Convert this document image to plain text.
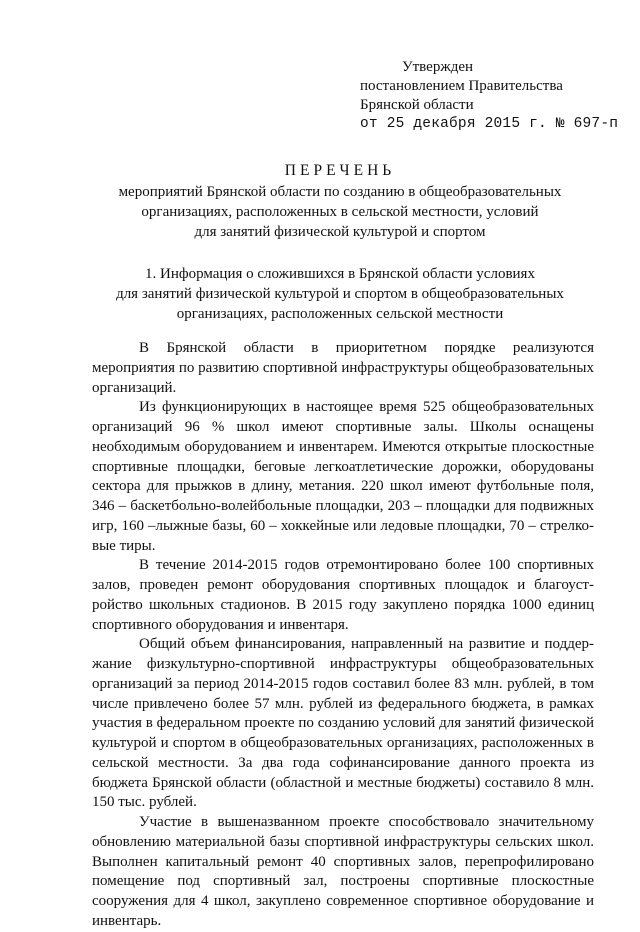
Утвержден
постановлением Правительства
Брянской области
от 25 декабря 2015 г. № 697-п
ПЕРЕЧЕНЬ
мероприятий Брянской области по созданию в общеобразовательных
организациях, расположенных в сельской местности, условий
для занятий физической культурой и спортом
1. Информация о сложившихся в Брянской области условиях
для занятий физической культурой и спортом в общеобразовательных
организациях, расположенных сельской местности

В Брянской области в приоритетном порядке реализуются мероприятия по развитию спортивной инфраструктуры общеобразовательных организаций.

Из функционирующих в настоящее время 525 общеобразовательных организаций 96 % школ имеют спортивные залы. Школы оснащены необходимым оборудованием и инвентарем. Имеются открытые плоскостные спортивные площадки, беговые легкоатлетические дорожки, оборудованы сектора для прыжков в длину, метания. 220 школ имеют футбольные поля, 346 – баскетбольно-волейбольные площадки, 203 – площадки для подвижных игр, 160 –лыжные базы, 60 – хоккейные или ледовые площадки, 70 – стрелковые тиры.

В течение 2014-2015 годов отремонтировано более 100 спортивных залов, проведен ремонт оборудования спортивных площадок и благоустройство школьных стадионов. В 2015 году закуплено порядка 1000 единиц спортивного оборудования и инвентаря.

Общий объем финансирования, направленный на развитие и поддержание физкультурно-спортивной инфраструктуры общеобразовательных организаций за период 2014-2015 годов составил более 83 млн. рублей, в том числе привлечено более 57 млн. рублей из федерального бюджета, в рамках участия в федеральном проекте по созданию условий для занятий физической культурой и спортом в общеобразовательных организациях, расположенных в сельской местности. За два года софинансирование данного проекта из бюджета Брянской области (областной и местные бюджеты) составило 8 млн. 150 тыс. рублей.

Участие в вышеназванном проекте способствовало значительному обновлению материальной базы спортивной инфраструктуры сельских школ. Выполнен капитальный ремонт 40 спортивных залов, перепрофилировано помещение под спортивный зал, построены спортивные плоскостные сооружения для 4 школ, закуплено современное спортивное оборудование и инвентарь.
